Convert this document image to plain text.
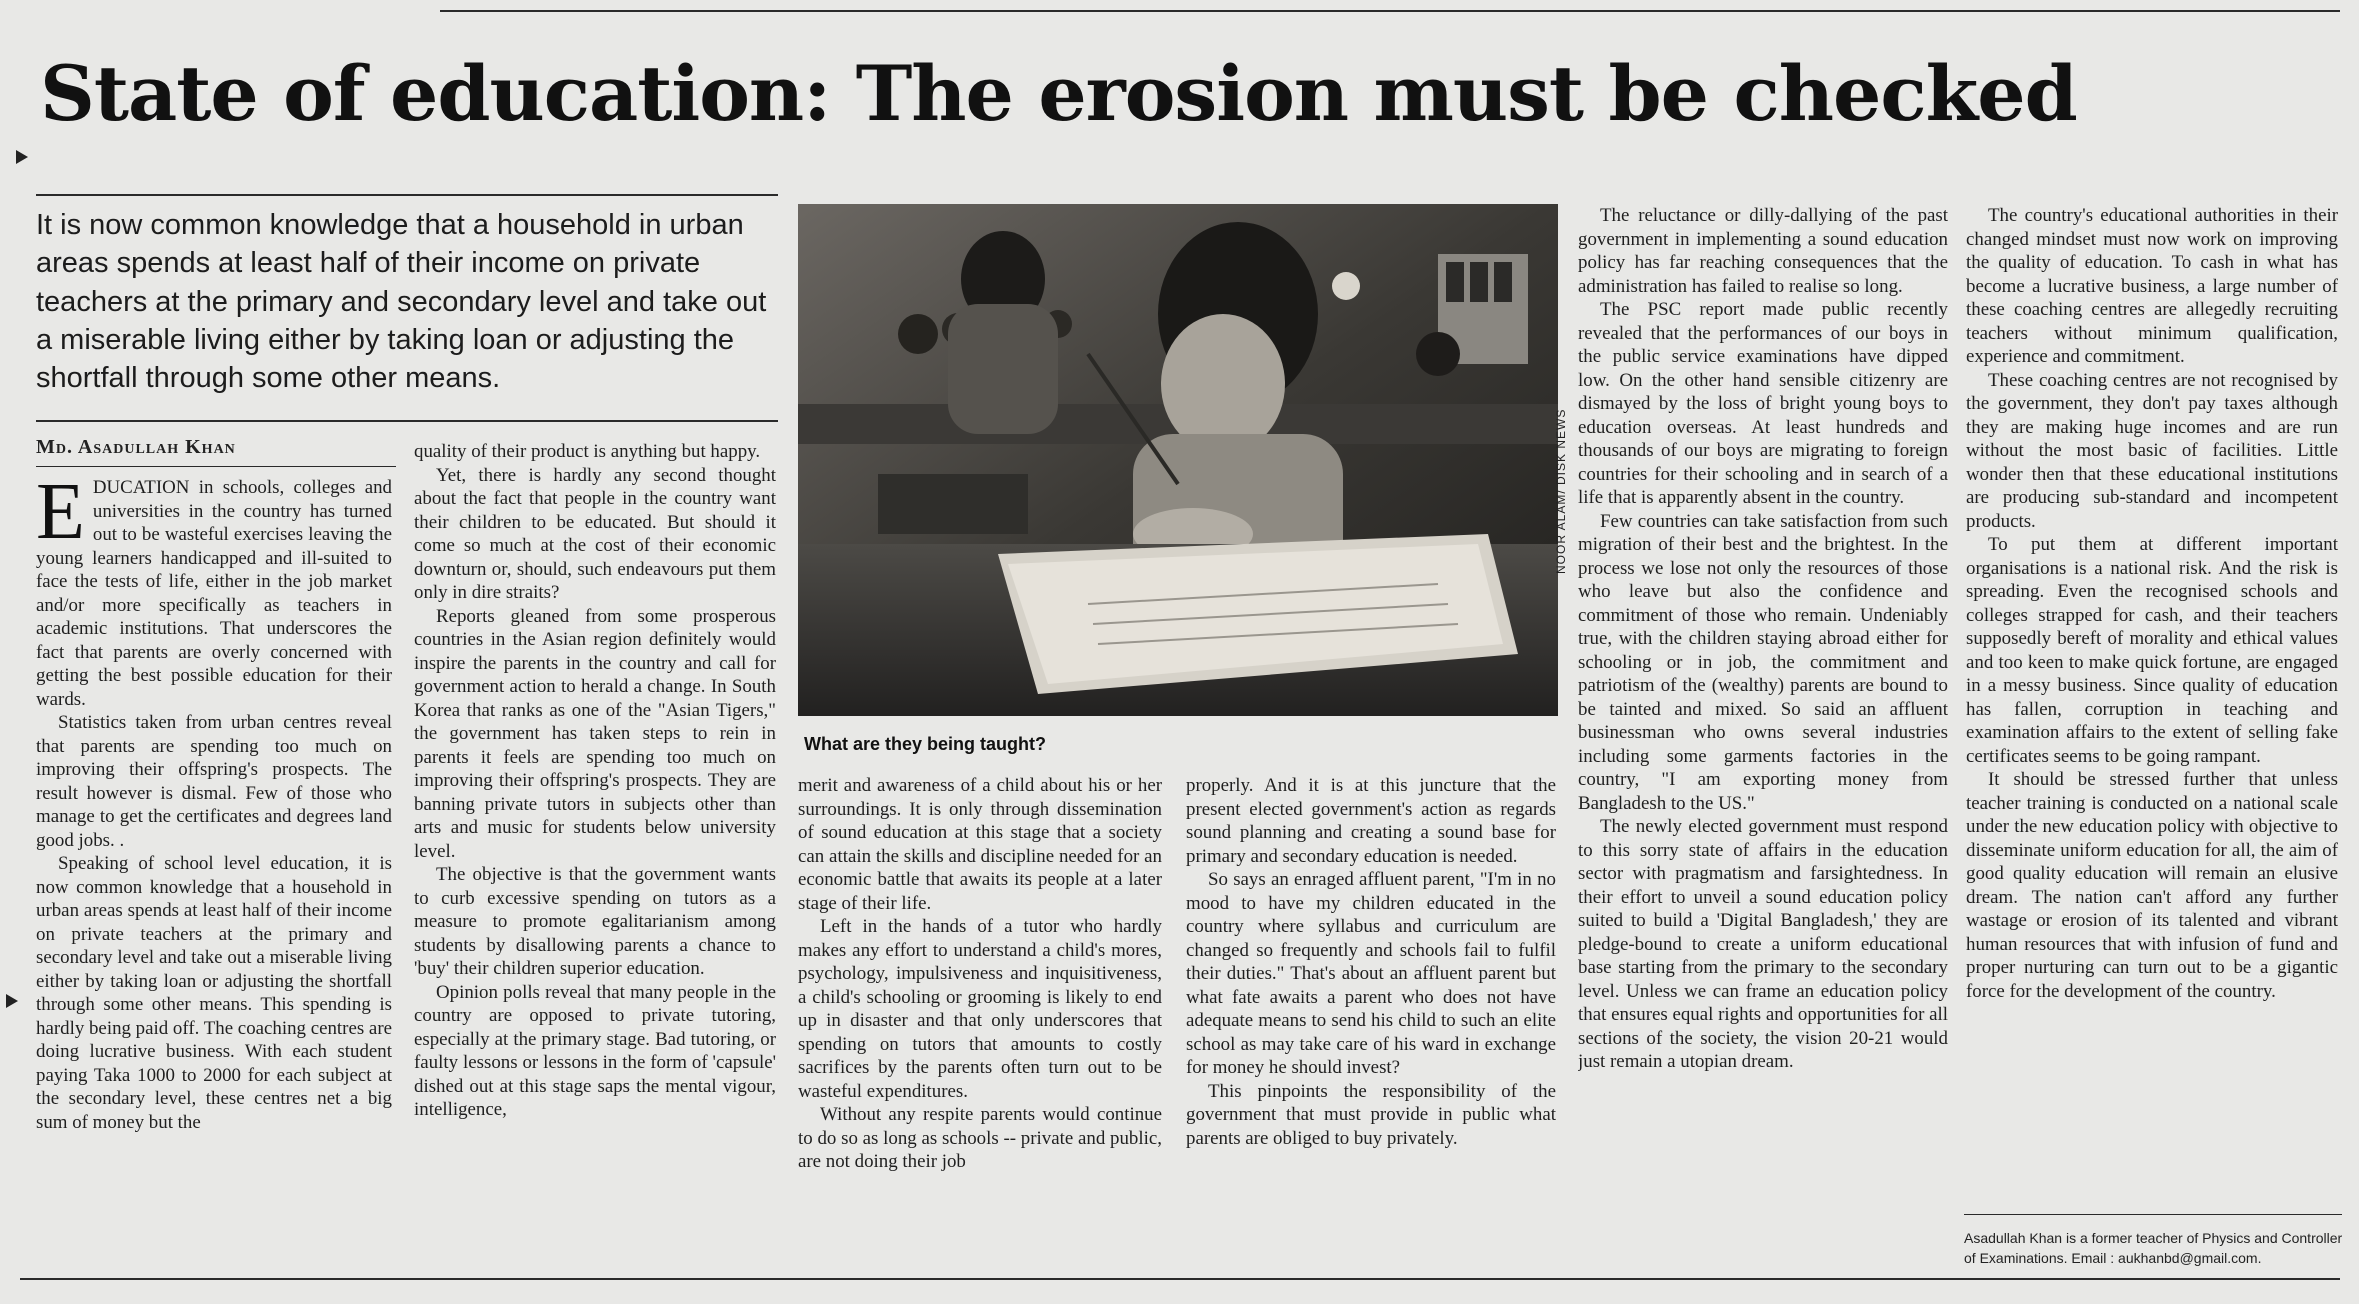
State of education: The erosion must be checked
It is now common knowledge that a household in urban areas spends at least half of their income on private teachers at the primary and secondary level and take out a miserable living either by taking loan or adjusting the shortfall through some other means.
Md. Asadullah Khan

EDUCATION in schools, colleges and universities in the country has turned out to be wasteful exercises leaving the young learners handicapped and ill-suited to face the tests of life, either in the job market and/or more specifically as teachers in academic institutions. That underscores the fact that parents are overly concerned with getting the best possible education for their wards.

Statistics taken from urban centres reveal that parents are spending too much on improving their offspring's prospects. The result however is dismal. Few of those who manage to get the certificates and degrees land good jobs. .

Speaking of school level education, it is now common knowledge that a household in urban areas spends at least half of their income on private teachers at the primary and secondary level and take out a miserable living either by taking loan or adjusting the shortfall through some other means. This spending is hardly being paid off. The coaching centres are doing lucrative business. With each student paying Taka 1000 to 2000 for each subject at the secondary level, these centres net a big sum of money but the

quality of their product is anything but happy.

Yet, there is hardly any second thought about the fact that people in the country want their children to be educated. But should it come so much at the cost of their economic downturn or, should, such endeavours put them only in dire straits?

Reports gleaned from some prosperous countries in the Asian region definitely would inspire the parents in the country and call for government action to herald a change. In South Korea that ranks as one of the "Asian Tigers," the government has taken steps to rein in parents it feels are spending too much on improving their offspring's prospects. They are banning private tutors in subjects other than arts and music for students below university level.

The objective is that the government wants to curb excessive spending on tutors as a measure to promote egalitarianism among students by disallowing parents a chance to 'buy' their children superior education.

Opinion polls reveal that many people in the country are opposed to private tutoring, especially at the primary stage. Bad tutoring, or faulty lessons or lessons in the form of 'capsule' dished out at this stage saps the mental vigour, intelligence,

NOOR ALAM/ DISK NEWS
What are they being taught?

merit and awareness of a child about his or her surroundings. It is only through dissemination of sound education at this stage that a society can attain the skills and discipline needed for an economic battle that awaits its people at a later stage of their life.

Left in the hands of a tutor who hardly makes any effort to understand a child's mores, psychology, impulsiveness and inquisitiveness, a child's schooling or grooming is likely to end up in disaster and that only underscores that spending on tutors that amounts to costly sacrifices by the parents often turn out to be wasteful expenditures.

Without any respite parents would continue to do so as long as schools -- private and public, are not doing their job

properly. And it is at this juncture that the present elected government's action as regards sound planning and creating a sound base for primary and secondary education is needed.

So says an enraged affluent parent, "I'm in no mood to have my children educated in the country where syllabus and curriculum are changed so frequently and schools fail to fulfil their duties." That's about an affluent parent but what fate awaits a parent who does not have adequate means to send his child to such an elite school as may take care of his ward in exchange for money he should invest?

This pinpoints the responsibility of the government that must provide in public what parents are obliged to buy privately.

The reluctance or dilly-dallying of the past government in implementing a sound education policy has far reaching consequences that the administration has failed to realise so long.

The PSC report made public recently revealed that the performances of our boys in the public service examinations have dipped low. On the other hand sensible citizenry are dismayed by the loss of bright young boys to education overseas. At least hundreds and thousands of our boys are migrating to foreign countries for their schooling and in search of a life that is apparently absent in the country.

Few countries can take satisfaction from such migration of their best and the brightest. In the process we lose not only the resources of those who leave but also the confidence and commitment of those who remain. Undeniably true, with the children staying abroad either for schooling or in job, the commitment and patriotism of the (wealthy) parents are bound to be tainted and mixed. So said an affluent businessman who owns several industries including some garments factories in the country, "I am exporting money from Bangladesh to the US."

The newly elected government must respond to this sorry state of affairs in the education sector with pragmatism and farsightedness. In their effort to unveil a sound education policy suited to build a 'Digital Bangladesh,' they are pledge-bound to create a uniform educational base starting from the primary to the secondary level. Unless we can frame an education policy that ensures equal rights and opportunities for all sections of the society, the vision 20-21 would just remain a utopian dream.

The country's educational authorities in their changed mindset must now work on improving the quality of education. To cash in what has become a lucrative business, a large number of these coaching centres are allegedly recruiting teachers without minimum qualification, experience and commitment.

These coaching centres are not recognised by the government, they don't pay taxes although they are making huge incomes and are run without the most basic of facilities. Little wonder then that these educational institutions are producing sub-standard and incompetent products.

To put them at different important organisations is a national risk. And the risk is spreading. Even the recognised schools and colleges strapped for cash, and their teachers supposedly bereft of morality and ethical values and too keen to make quick fortune, are engaged in a messy business. Since quality of education has fallen, corruption in teaching and examination affairs to the extent of selling fake certificates seems to be going rampant.

It should be stressed further that unless teacher training is conducted on a national scale under the new education policy with objective to disseminate uniform education for all, the aim of good quality education will remain an elusive dream. The nation can't afford any further wastage or erosion of its talented and vibrant human resources that with infusion of fund and proper nurturing can turn out to be a gigantic force for the development of the country.

Asadullah Khan is a former teacher of Physics and Controller of Examinations. Email : aukhanbd@gmail.com.
